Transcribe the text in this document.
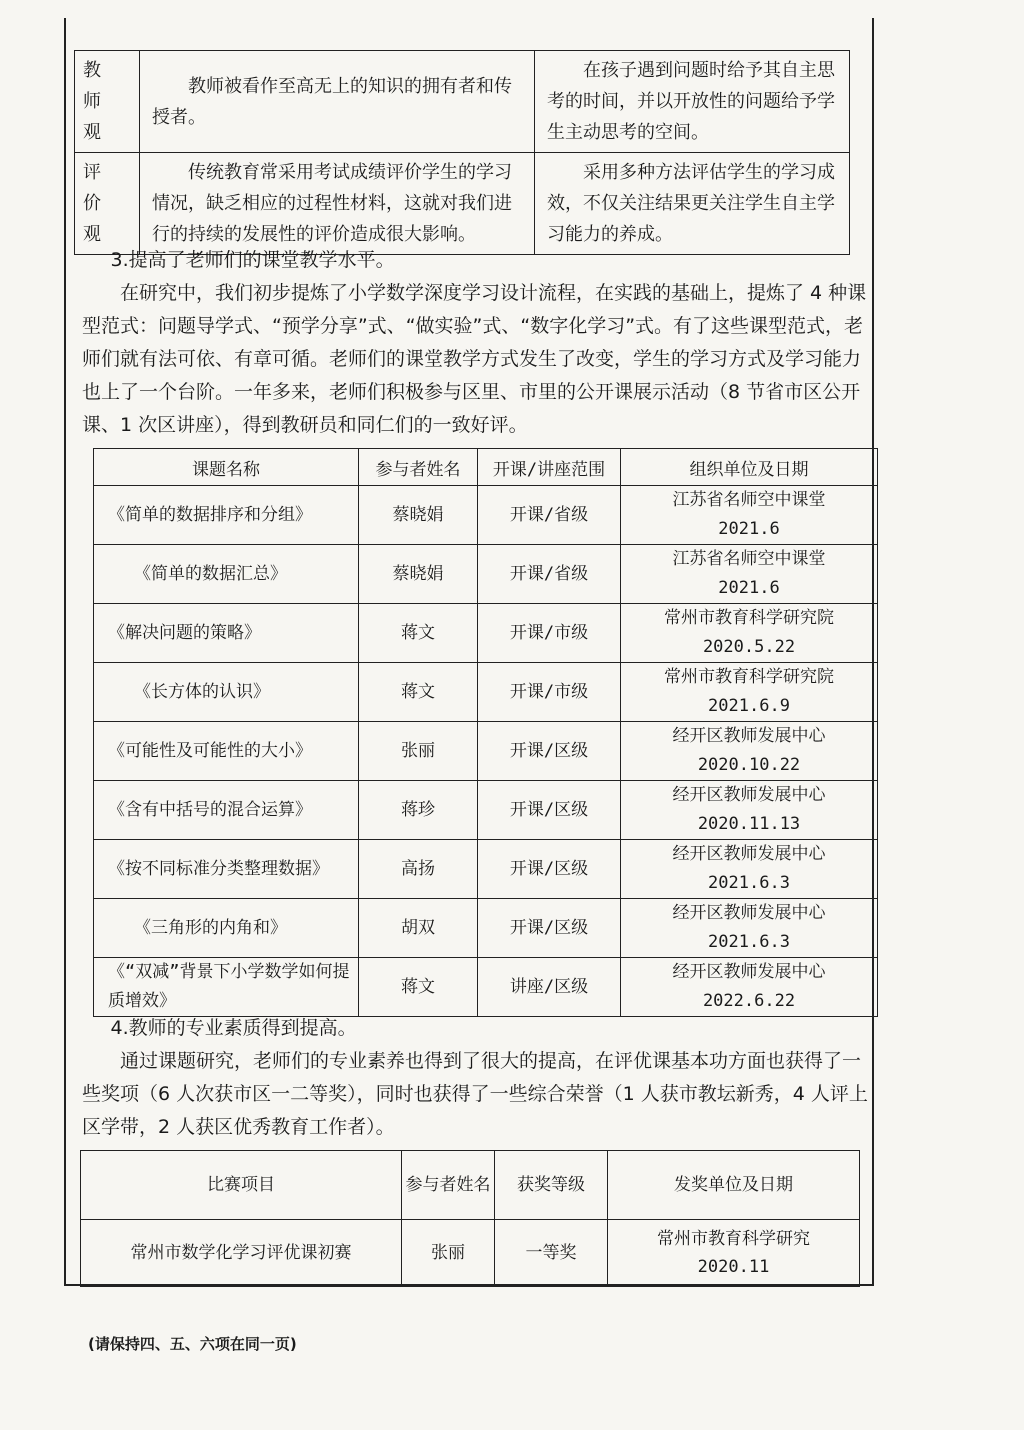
教 师
观	教师被看作至高无上的知识的拥有者和传授者。	在孩子遇到问题时给予其自主思考的时间，并以开放性的问题给予学生主动思考的空间。

评 价
观	传统教育常采用考试成绩评价学生的学习情况，缺乏相应的过程性材料，这就对我们进行的持续的发展性的评价造成很大影响。	采用多种方法评估学生的学习成效，不仅关注结果更关注学生自主学习能力的养成。

3.提高了老师们的课堂教学水平。

在研究中，我们初步提炼了小学数学深度学习设计流程，在实践的基础上，提炼了 4 种课型范式：问题导学式、“预学分享”式、“做实验”式、“数字化学习”式。有了这些课型范式，老师们就有法可依、有章可循。老师们的课堂教学方式发生了改变，学生的学习方式及学习能力也上了一个台阶。一年多来，老师们积极参与区里、市里的公开课展示活动（8 节省市区公开课、1 次区讲座），得到教研员和同仁们的一致好评。

课题名称	参与者姓名	开课/讲座范围	组织单位及日期
《简单的数据排序和分组》	蔡晓娟	开课/省级	江苏省名师空中课堂
2021.6

《简单的数据汇总》	蔡晓娟	开课/省级	江苏省名师空中课堂
2021.6

《解决问题的策略》	蒋文	开课/市级	常州市教育科学研究院
2020.5.22

《长方体的认识》	蒋文	开课/市级	常州市教育科学研究院
2021.6.9

《可能性及可能性的大小》	张丽	开课/区级	经开区教师发展中心
2020.10.22

《含有中括号的混合运算》	蒋珍	开课/区级	经开区教师发展中心
2020.11.13

《按不同标准分类整理数据》	高扬	开课/区级	经开区教师发展中心
2021.6.3

《三角形的内角和》	胡双	开课/区级	经开区教师发展中心
2021.6.3

《“双减”背景下小学数学如何提质增效》	蒋文	讲座/区级	经开区教师发展中心
2022.6.22

4.教师的专业素质得到提高。

通过课题研究，老师们的专业素养也得到了很大的提高，在评优课基本功方面也获得了一些奖项（6 人次获市区一二等奖），同时也获得了一些综合荣誉（1 人获市教坛新秀，4 人评上区学带，2 人获区优秀教育工作者）。

比赛项目	参与者姓名	获奖等级	发奖单位及日期
常州市数学化学习评优课初赛	张丽	一等奖	常州市教育科学研究
2020.11
(请保持四、五、六项在同一页)
